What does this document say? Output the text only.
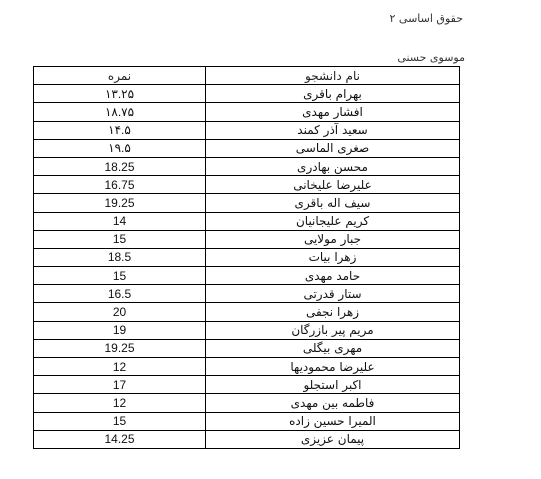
حقوق اساسی ۲
موسوی حسنی
نمره	نام دانشجو
۱۳.۲۵	بهرام باقری
۱۸.۷۵	افشار مهدی
۱۴.۵	سعید آذر کمند
۱۹.۵	صغری الماسی
18.25	محسن بهادری
16.75	علیرضا علیخانی
19.25	سیف اله باقری
14	کریم علیجانیان
15	جبار مولایی
18.5	زهرا بیات
15	حامد مهدی
16.5	ستار قدرتی
20	زهرا نجفی
19	مریم پیر بازرگان
19.25	مهری بیگلی
12	علیرضا محمودیها
17	اکبر استجلو
12	فاطمه بین مهدی
15	المیرا حسین زاده
14.25	پیمان عزیزی
